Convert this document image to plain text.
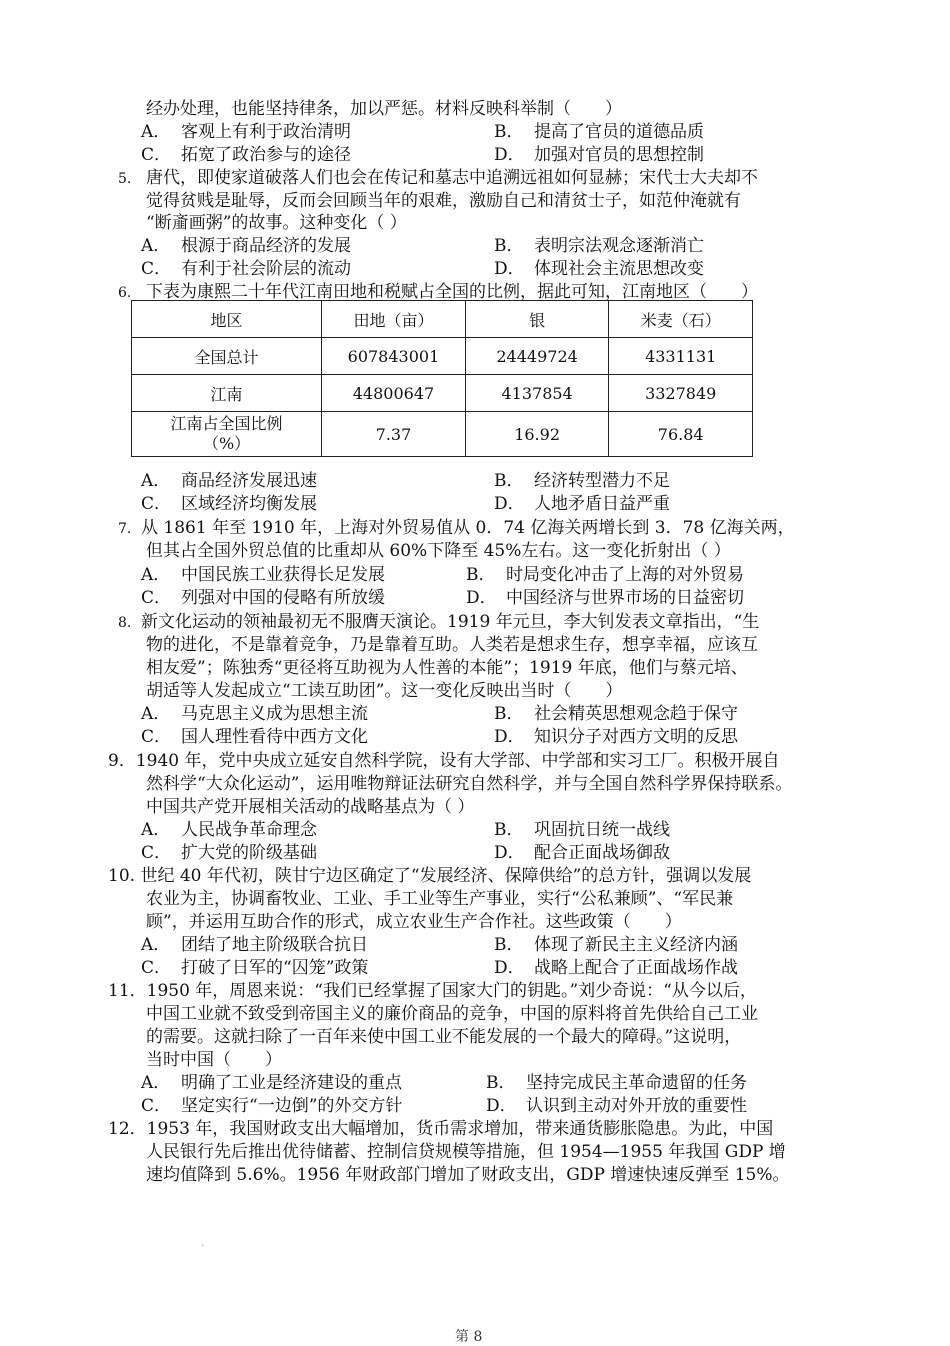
经办处理，也能坚持律条，加以严惩。材料反映科举制（　　）
A． 客观上有利于政治清明	B． 提高了官员的道德品质
C． 拓宽了政治参与的途径	D． 加强对官员的思想控制
5. 唐代，即使家道破落人们也会在传记和墓志中追溯远祖如何显赫；宋代士大夫却不
觉得贫贱是耻辱，反而会回顾当年的艰难，激励自己和清贫士子，如范仲淹就有
“断齑画粥”的故事。这种变化（ ）
A． 根源于商品经济的发展	B． 表明宗法观念逐渐消亡
C． 有利于社会阶层的流动	D． 体现社会主流思想改变
6. 下表为康熙二十年代江南田地和税赋占全国的比例，据此可知，江南地区（　　）
地区	田地（亩）	银	米麦（石）
全国总计	607843001	24449724	4331131
江南	44800647	4137854	3327849

江南占全国比例
（%）	7.37	16.92	76.84
A． 商品经济发展迅速	B． 经济转型潜力不足
C． 区域经济均衡发展	D． 人地矛盾日益严重
7. 从 1861 年至 1910 年，上海对外贸易值从 0．74 亿海关两增长到 3．78 亿海关两，
但其占全国外贸总值的比重却从 60%下降至 45%左右。这一变化折射出（ ）
A． 中国民族工业获得长足发展	B． 时局变化冲击了上海的对外贸易
C． 列强对中国的侵略有所放缓	D． 中国经济与世界市场的日益密切
8. 新文化运动的领袖最初无不服膺天演论。1919 年元旦，李大钊发表文章指出，“生
物的进化，不是靠着竞争，乃是靠着互助。人类若是想求生存，想享幸福，应该互
相友爱”；陈独秀“更径将互助视为人性善的本能”；1919 年底，他们与蔡元培、
胡适等人发起成立“工读互助团”。这一变化反映出当时（　　）
A． 马克思主义成为思想主流	B． 社会精英思想观念趋于保守
C． 国人理性看待中西方文化	D． 知识分子对西方文明的反思
9．1940 年，党中央成立延安自然科学院，设有大学部、中学部和实习工厂。积极开展自
然科学“大众化运动”，运用唯物辩证法研究自然科学，并与全国自然科学界保持联系。
中国共产党开展相关活动的战略基点为（ ）
A． 人民战争革命理念	B． 巩固抗日统一战线
C． 扩大党的阶级基础	D． 配合正面战场御敌
10. 世纪 40 年代初，陕甘宁边区确定了“发展经济、保障供给”的总方针，强调以发展
农业为主，协调畜牧业、工业、手工业等生产事业，实行“公私兼顾”、“军民兼
顾”，并运用互助合作的形式，成立农业生产合作社。这些政策（　　）
A． 团结了地主阶级联合抗日	B． 体现了新民主主义经济内涵
C． 打破了日军的“囚笼”政策	D． 战略上配合了正面战场作战
11．1950 年，周恩来说：“我们已经掌握了国家大门的钥匙。”刘少奇说：“从今以后，
中国工业就不致受到帝国主义的廉价商品的竞争，中国的原料将首先供给自己工业
的需要。这就扫除了一百年来使中国工业不能发展的一个最大的障碍。”这说明，
当时中国（　　）
A． 明确了工业是经济建设的重点	B． 坚持完成民主革命遗留的任务
C． 坚定实行“一边倒”的外交方针	D． 认识到主动对外开放的重要性
12．1953 年，我国财政支出大幅增加，货币需求增加，带来通货膨胀隐患。为此，中国
人民银行先后推出优待储蓄、控制信贷规模等措施，但 1954—1955 年我国 GDP 增
速均值降到 5.6%。1956 年财政部门增加了财政支出，GDP 增速快速反弹至 15%。
.
第 8
